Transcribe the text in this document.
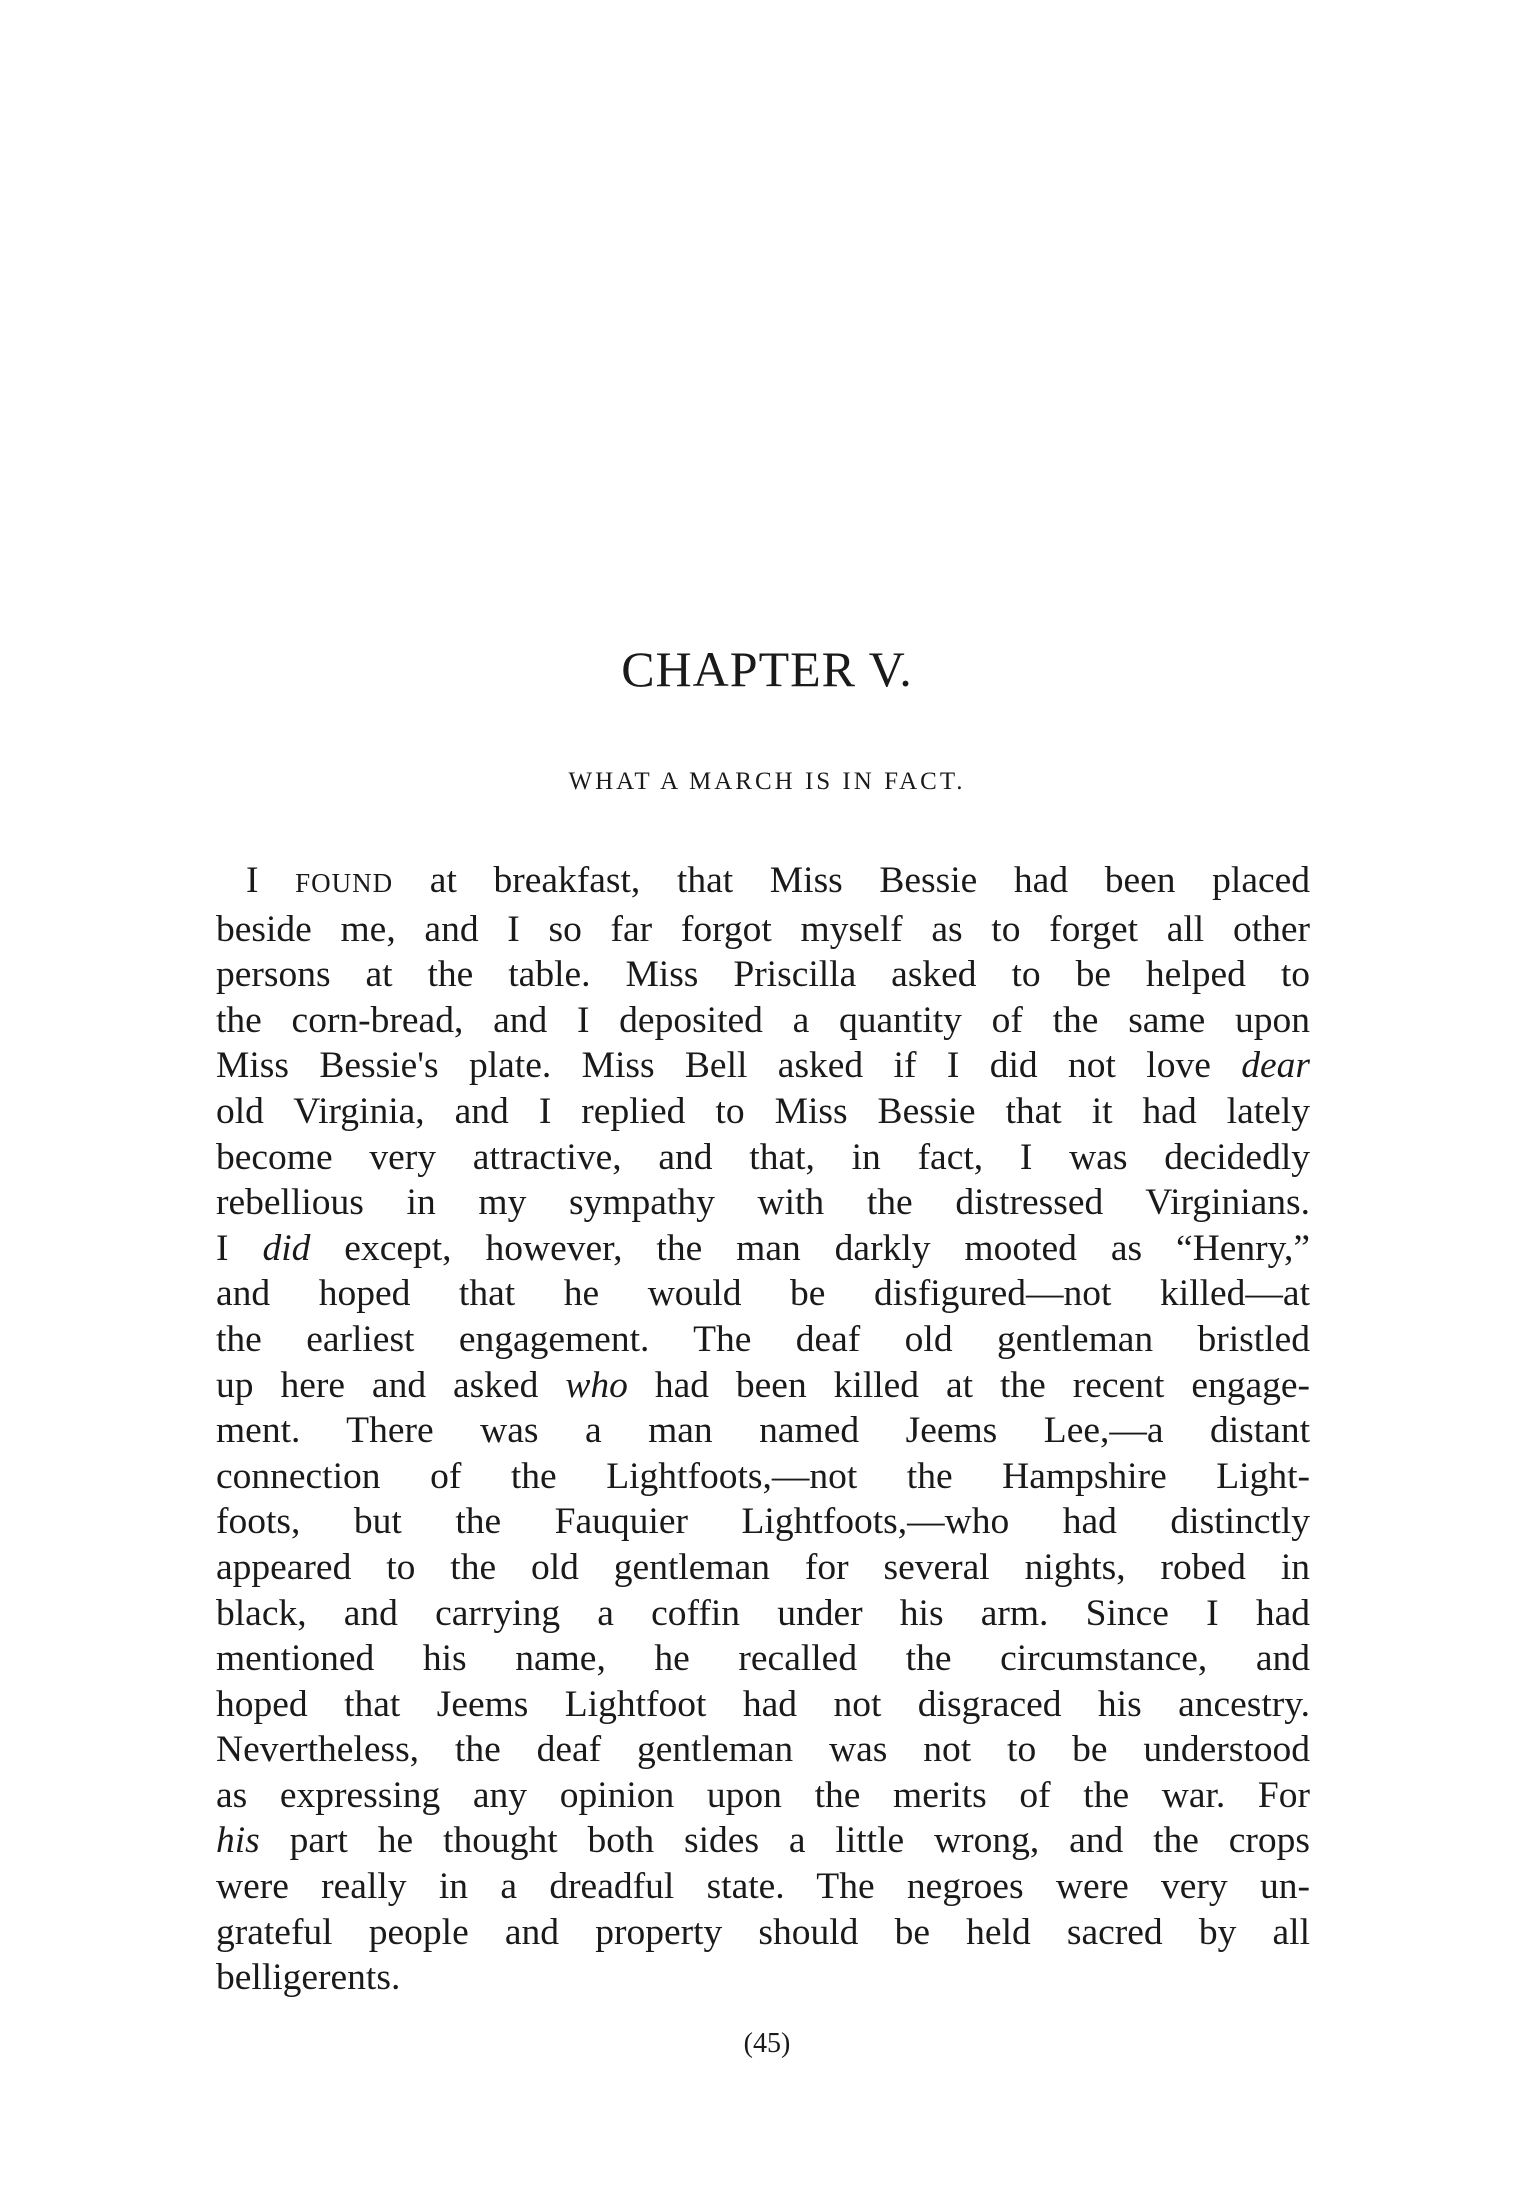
CHAPTER V.
WHAT A MARCH IS IN FACT.
I FOUND at breakfast, that Miss Bessie had been placed
beside me, and I so far forgot myself as to forget all other
persons at the table. Miss Priscilla asked to be helped to
the corn-bread, and I deposited a quantity of the same upon
Miss Bessie's plate. Miss Bell asked if I did not love dear
old Virginia, and I replied to Miss Bessie that it had lately
become very attractive, and that, in fact, I was decidedly
rebellious in my sympathy with the distressed Virginians.
I did except, however, the man darkly mooted as “Henry,”
and hoped that he would be disfigured—not killed—at
the earliest engagement. The deaf old gentleman bristled
up here and asked who had been killed at the recent engage-
ment. There was a man named Jeems Lee,—a distant
connection of the Lightfoots,—not the Hampshire Light-
foots, but the Fauquier Lightfoots,—who had distinctly
appeared to the old gentleman for several nights, robed in
black, and carrying a coffin under his arm. Since I had
mentioned his name, he recalled the circumstance, and
hoped that Jeems Lightfoot had not disgraced his ancestry.
Nevertheless, the deaf gentleman was not to be understood
as expressing any opinion upon the merits of the war. For
his part he thought both sides a little wrong, and the crops
were really in a dreadful state. The negroes were very un-
grateful people and property should be held sacred by all
belligerents.
(45)
